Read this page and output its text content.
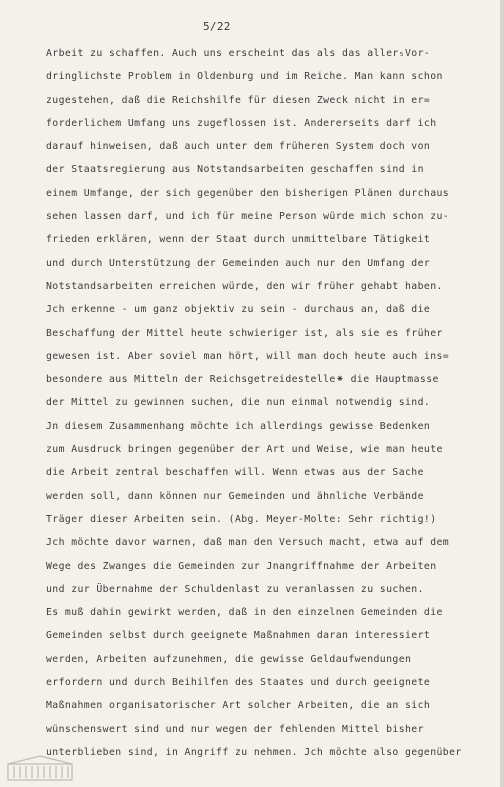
5/22
Arbeit zu schaffen. Auch uns erscheint das als das aller₅Vor-
dringlichste Problem in Oldenburg und im Reiche. Man kann schon
zugestehen, daß die Reichshilfe für diesen Zweck nicht in er=
forderlichem Umfang uns zugeflossen ist. Andererseits darf ich
darauf hinweisen, daß auch unter dem früheren System doch von
der Staatsregierung aus Notstandsarbeiten geschaffen sind in
einem Umfange, der sich gegenüber den bisherigen Plänen durchaus
sehen lassen darf, und ich für meine Person würde mich schon zu-
frieden erklären, wenn der Staat durch unmittelbare Tätigkeit
und durch Unterstützung der Gemeinden auch nur den Umfang der
Notstandsarbeiten erreichen würde, den wir früher gehabt haben.
Jch erkenne - um ganz objektiv zu sein - durchaus an, daß die
Beschaffung der Mittel heute schwieriger ist, als sie es früher
gewesen ist. Aber soviel man hört, will man doch heute auch ins=
besondere aus Mitteln der Reichsgetreidestelle⁕ die Hauptmasse
der Mittel zu gewinnen suchen, die nun einmal notwendig sind.
Jn diesem Zusammenhang möchte ich allerdings gewisse Bedenken
zum Ausdruck bringen gegenüber der Art und Weise, wie man heute
die Arbeit zentral beschaffen will. Wenn etwas aus der Sache
werden soll, dann können nur Gemeinden und ähnliche Verbände
Träger dieser Arbeiten sein. (Abg. Meyer-Molte: Sehr richtig!)
Jch möchte davor warnen, daß man den Versuch macht, etwa auf dem
Wege des Zwanges die Gemeinden zur Jnangriffnahme der Arbeiten
und zur Übernahme der Schuldenlast zu veranlassen zu suchen.
Es muß dahin gewirkt werden, daß in den einzelnen Gemeinden die
Gemeinden selbst durch geeignete Maßnahmen daran interessiert
werden, Arbeiten aufzunehmen, die gewisse Geldaufwendungen
erfordern und durch Beihilfen des Staates und durch geeignete
Maßnahmen organisatorischer Art solcher Arbeiten, die an sich
wünschenswert sind und nur wegen der fehlenden Mittel bisher
unterblieben sind, in Angriff zu nehmen. Jch möchte also gegenüber
